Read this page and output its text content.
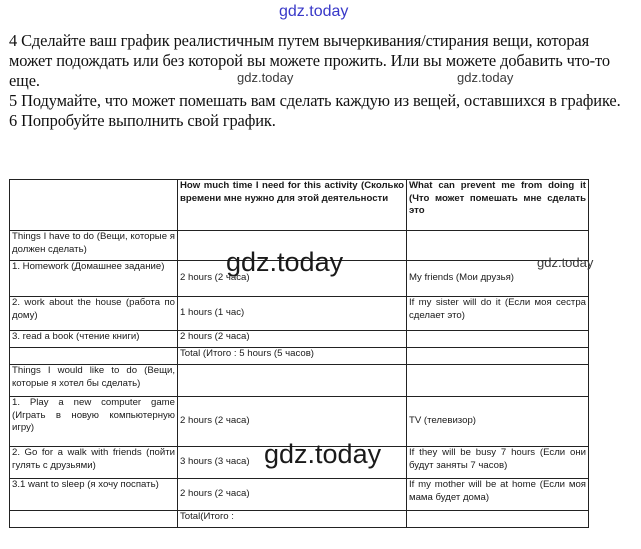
gdz.today

4 Сделайте ваш график реалистичным путем вычеркивания/стирания вещи, которая может подождать или без которой вы можете прожить. Или вы можете добавить что-то еще.

5 Подумайте, что может помешать вам сделать каждую из вещей, оставшихся в графике.

6 Попробуйте выполнить свой график.

	How much time I need for this activity (Сколько времени мне нужно для этой деятельности	What can prevent me from doing it (Что может помешать мне сделать это
Things I have to do (Вещи, которые я должен сделать)		
1. Homework (Домашнее задание)	2 hours (2 часа)	My friends (Мои друзья)
2. work about the house (работа по дому)	1 hours (1 час)	If my sister will do it (Если моя сестра сделает это)
3. read a book (чтение книги)	2 hours (2 часа)	
	Total (Итого : 5 hours (5 часов)	
Things I would like to do (Вещи, которые я хотел бы сделать)		
1. Play a new computer game (Играть в новую компьютерную игру)	2 hours (2 часа)	TV (телевизор)
2. Go for a walk with friends (пойти гулять с друзьями)	3 hours (3 часа)	If they will be busy 7 hours (Если они будут заняты 7 часов)
3.1 want to sleep (я хочу поспать)	2 hours (2 часа)	If my mother will be at home (Если моя мама будет дома)
	Total(Итого :	
gdz.today	gdz.today
gdz.today
gdz.today
gdz.today
